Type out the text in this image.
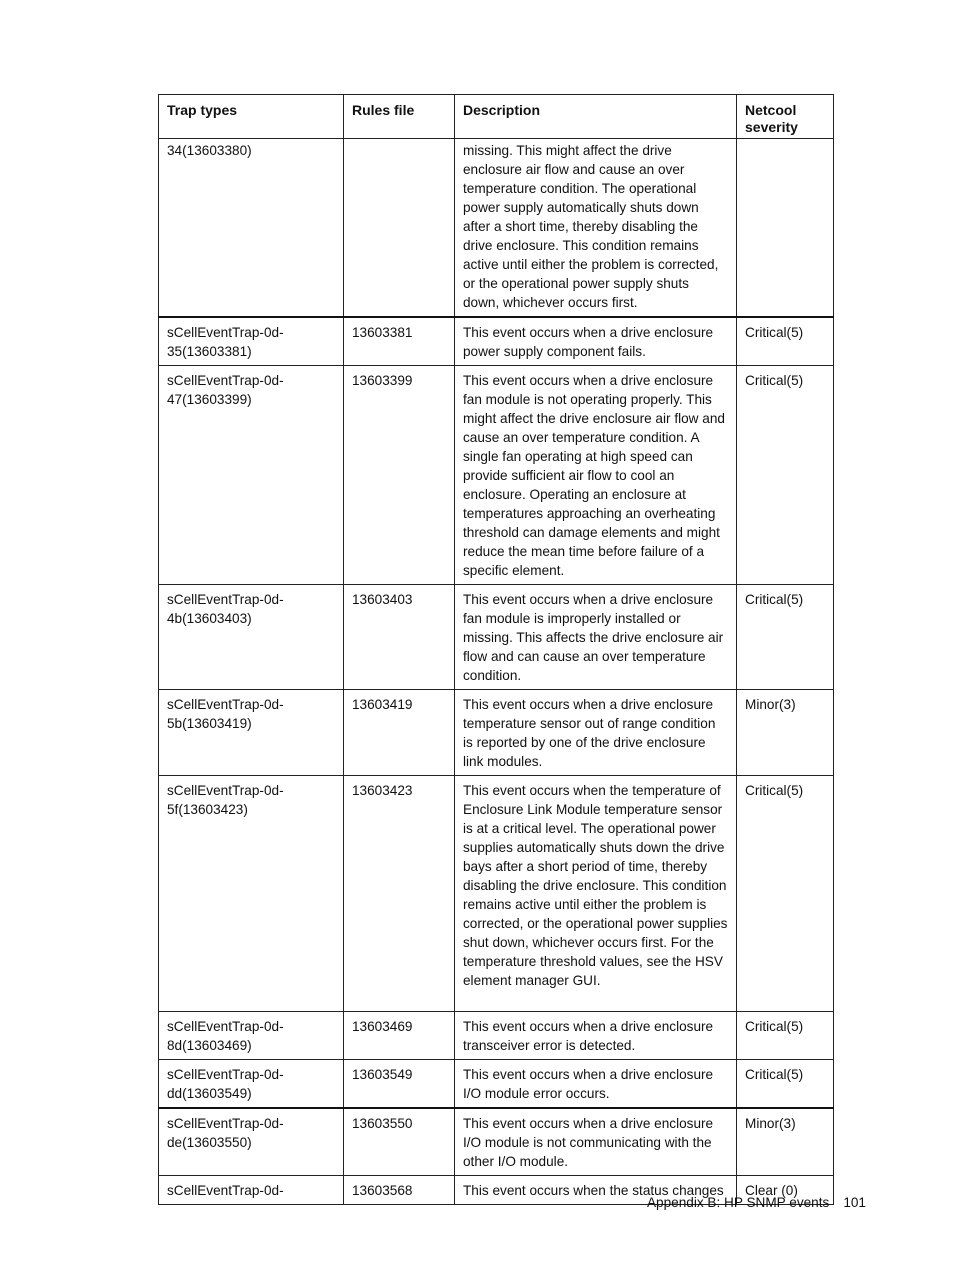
Trap types	Rules file	Description	Netcool severity
34(13603380)		missing. This might affect the drive enclosure air flow and cause an over temperature condition. The operational power supply automatically shuts down after a short time, thereby disabling the drive enclosure. This condition remains active until either the problem is corrected, or the operational power supply shuts down, whichever occurs first.	
sCellEventTrap-0d-35(13603381)	13603381	This event occurs when a drive enclosure power supply component fails.	Critical(5)
sCellEventTrap-0d-47(13603399)	13603399	This event occurs when a drive enclosure fan module is not operating properly. This might affect the drive enclosure air flow and cause an over temperature condition. A single fan operating at high speed can provide sufficient air flow to cool an enclosure. Operating an enclosure at temperatures approaching an overheating threshold can damage elements and might reduce the mean time before failure of a specific element.	Critical(5)
sCellEventTrap-0d-4b(13603403)	13603403	This event occurs when a drive enclosure fan module is improperly installed or missing. This affects the drive enclosure air flow and can cause an over temperature condition.	Critical(5)
sCellEventTrap-0d-5b(13603419)	13603419	This event occurs when a drive enclosure temperature sensor out of range condition is reported by one of the drive enclosure link modules.	Minor(3)
sCellEventTrap-0d-5f(13603423)	13603423	This event occurs when the temperature of Enclosure Link Module temperature sensor is at a critical level. The operational power supplies automatically shuts down the drive bays after a short period of time, thereby disabling the drive enclosure. This condition remains active until either the problem is corrected, or the operational power supplies shut down, whichever occurs first. For the temperature threshold values, see the HSV element manager GUI.	Critical(5)
sCellEventTrap-0d-8d(13603469)	13603469	This event occurs when a drive enclosure transceiver error is detected.	Critical(5)
sCellEventTrap-0d-dd(13603549)	13603549	This event occurs when a drive enclosure I/O module error occurs.	Critical(5)
sCellEventTrap-0d-de(13603550)	13603550	This event occurs when a drive enclosure I/O module is not communicating with the other I/O module.	Minor(3)
sCellEventTrap-0d-	13603568	This event occurs when the status changes	Clear (0)
Appendix B: HP SNMP events 101
